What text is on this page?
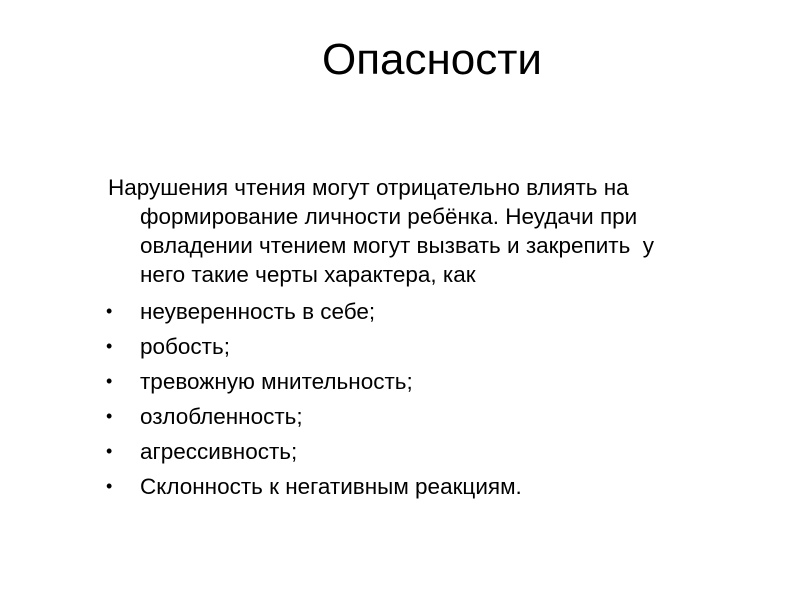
Опасности
Нарушения чтения могут отрицательно влиять на
формирование личности ребёнка. Неудачи при
овладении чтением могут вызвать и закрепить  у
него такие черты характера, как
• неуверенность в себе;
• робость;
• тревожную мнительность;
• озлобленность;
• агрессивность;
• Склонность к негативным реакциям.
